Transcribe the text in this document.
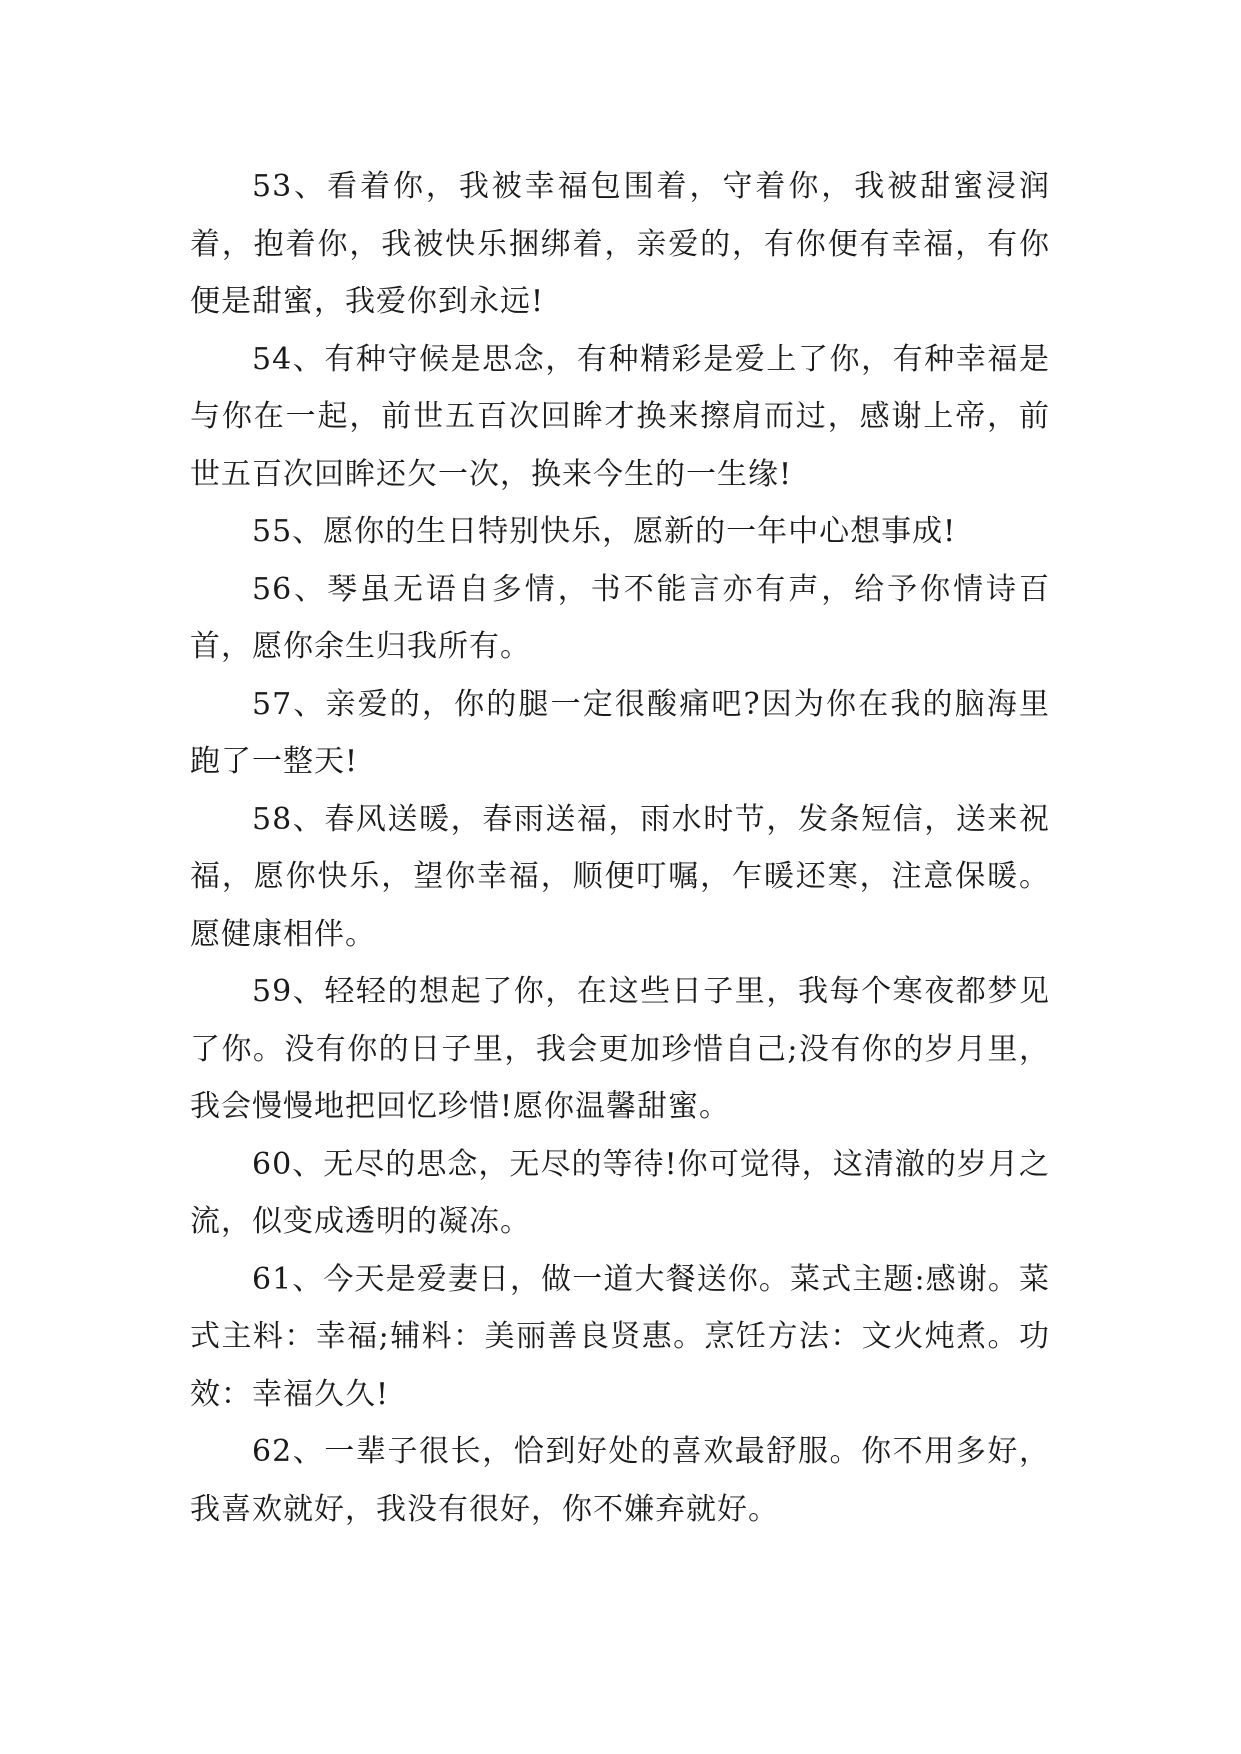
53、看着你，我被幸福包围着，守着你，我被甜蜜浸润着，抱着你，我被快乐捆绑着，亲爱的，有你便有幸福，有你便是甜蜜，我爱你到永远!

54、有种守候是思念，有种精彩是爱上了你，有种幸福是与你在一起，前世五百次回眸才换来擦肩而过，感谢上帝，前世五百次回眸还欠一次，换来今生的一生缘!

55、愿你的生日特别快乐，愿新的一年中心想事成!

56、琴虽无语自多情，书不能言亦有声，给予你情诗百首，愿你余生归我所有。

57、亲爱的，你的腿一定很酸痛吧?因为你在我的脑海里跑了一整天!

58、春风送暖，春雨送福，雨水时节，发条短信，送来祝福，愿你快乐，望你幸福，顺便叮嘱，乍暖还寒，注意保暖。愿健康相伴。

59、轻轻的想起了你，在这些日子里，我每个寒夜都梦见了你。没有你的日子里，我会更加珍惜自己;没有你的岁月里，我会慢慢地把回忆珍惜!愿你温馨甜蜜。

60、无尽的思念，无尽的等待!你可觉得，这清澈的岁月之流，似变成透明的凝冻。

61、今天是爱妻日，做一道大餐送你。菜式主题:感谢。菜式主料：幸福;辅料：美丽善良贤惠。烹饪方法：文火炖煮。功效：幸福久久!

62、一辈子很长，恰到好处的喜欢最舒服。你不用多好，我喜欢就好，我没有很好，你不嫌弃就好。
